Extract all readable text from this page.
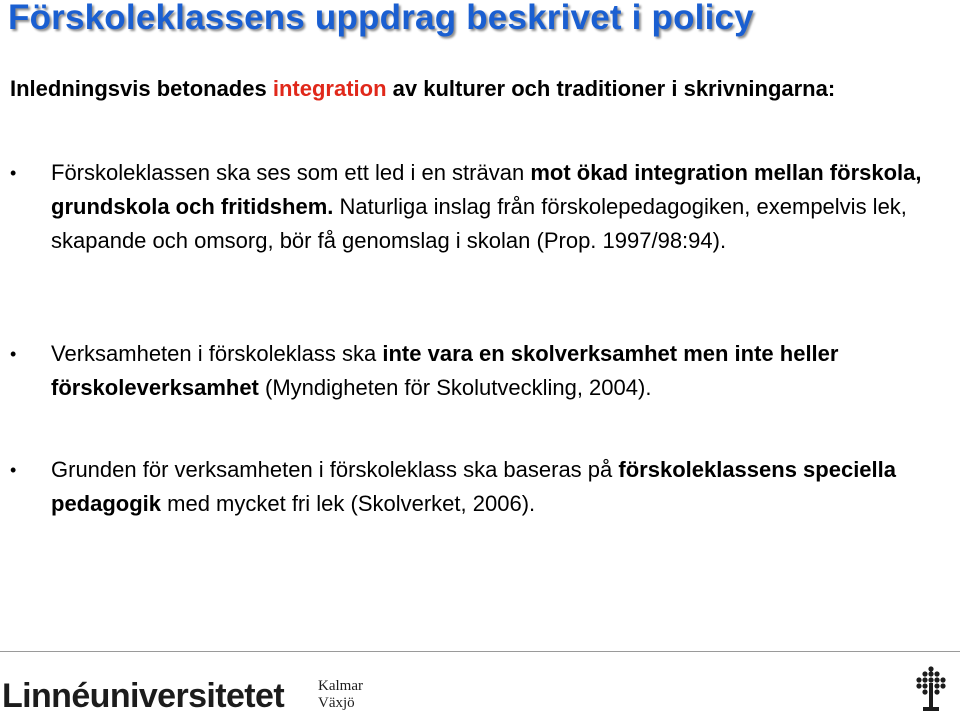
Förskoleklassens uppdrag beskrivet i policy
Inledningsvis betonades integration av kulturer och traditioner i skrivningarna:
• Förskoleklassen ska ses som ett led i en strävan mot ökad integration mellan förskola, grundskola och fritidshem. Naturliga inslag från förskolepedagogiken, exempelvis lek, skapande och omsorg, bör få genomslag i skolan (Prop. 1997/98:94).
• Verksamheten i förskoleklass ska inte vara en skolverksamhet men inte heller förskoleverksamhet (Myndigheten för Skolutveckling, 2004).
• Grunden för verksamheten i förskoleklass ska baseras på förskoleklassens speciella pedagogik med mycket fri lek (Skolverket, 2006).
Linnéuniversitetet Kalmar
Växjö
